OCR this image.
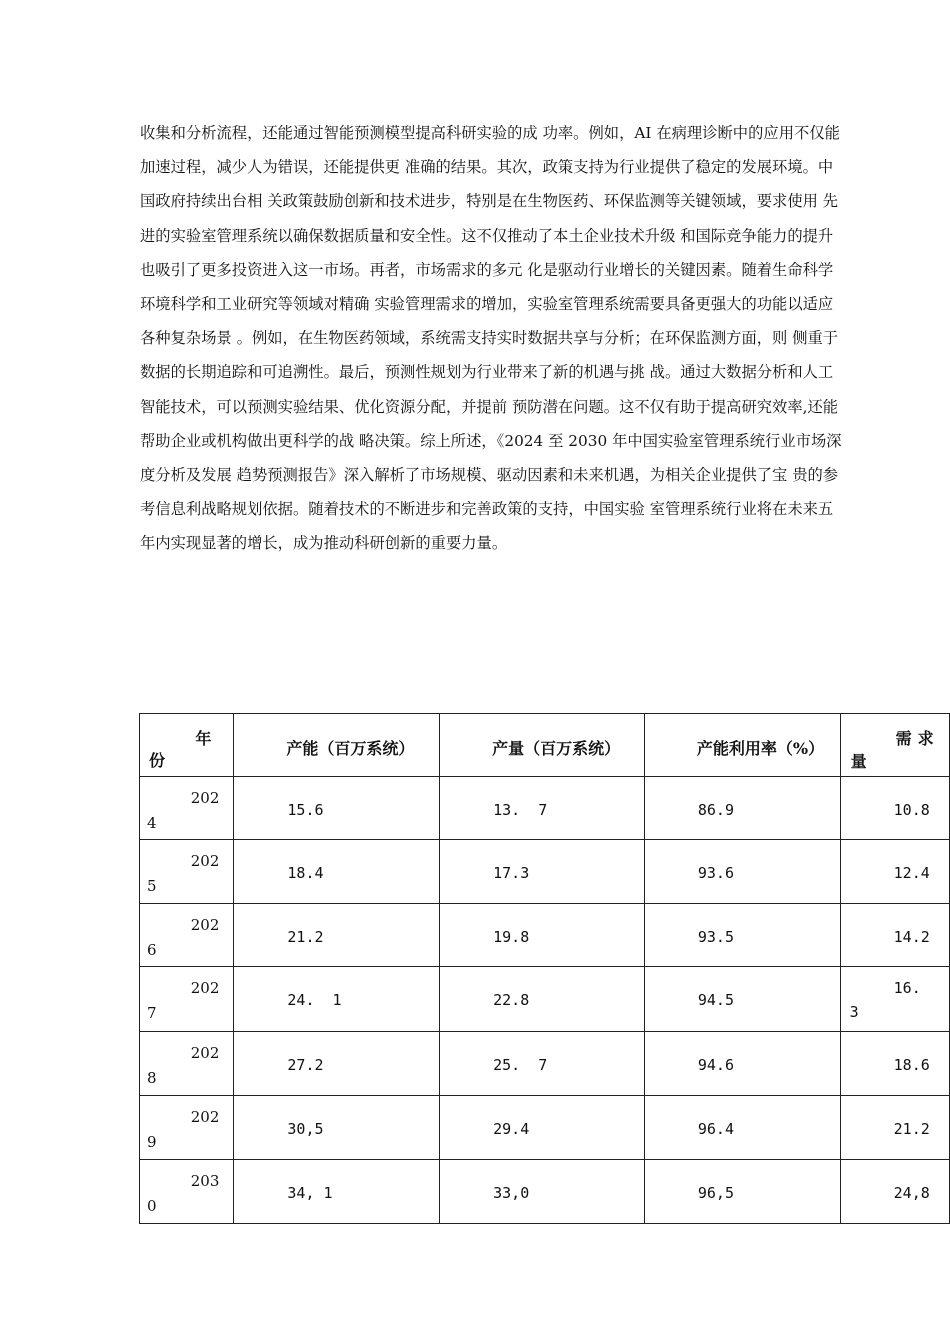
收集和分析流程，还能通过智能预测模型提高科研实验的成 功率。例如，AI 在病理诊断中的应用不仅能
加速过程，减少人为错误，还能提供更 准确的结果。其次，政策支持为行业提供了稳定的发展环境。中
国政府持续出台相 关政策鼓励创新和技术进步，特别是在生物医药、环保监测等关键领域，要求使用 先
进的实验室管理系统以确保数据质量和安全性。这不仅推动了本土企业技术升级 和国际竞争能力的提升
也吸引了更多投资进入这一市场。再者，市场需求的多元 化是驱动行业增长的关键因素。随着生命科学
环境科学和工业研究等领域对精确 实验管理需求的增加，实验室管理系统需要具备更强大的功能以适应
各种复杂场景 。例如，在生物医药领域，系统需支持实时数据共享与分析；在环保监测方面，则 侧重于
数据的长期追踪和可追溯性。最后，预测性规划为行业带来了新的机遇与挑 战。通过大数据分析和人工
智能技术，可以预测实验结果、优化资源分配，并提前 预防潜在问题。这不仅有助于提高研究效率,还能
帮助企业或机构做出更科学的战 略决策。综上所述，《2024 至 2030 年中国实验室管理系统行业市场深
度分析及发展 趋势预测报告》深入解析了市场规模、驱动因素和未来机遇，为相关企业提供了宝 贵的参
考信息利战略规划依据。随着技术的不断进步和完善政策的支持，中国实验 室管理系统行业将在未来五
年内实现显著的增长，成为推动科研创新的重要力量。
年
份	产能（百万系统）	产量（百万系统）	产能利用率（%）	需求
量

202
4	15.6	13.  7	86.9	10.8

202
5	18.4	17.3	93.6	12.4

202
6	21.2	19.8	93.5	14.2

202
7	24.  1	22.8	94.5	16.
3

202
8	27.2	25.  7	94.6	18.6

202
9	30,5	29.4	96.4	21.2

203
0	34, 1	33,0	96,5	24,8
